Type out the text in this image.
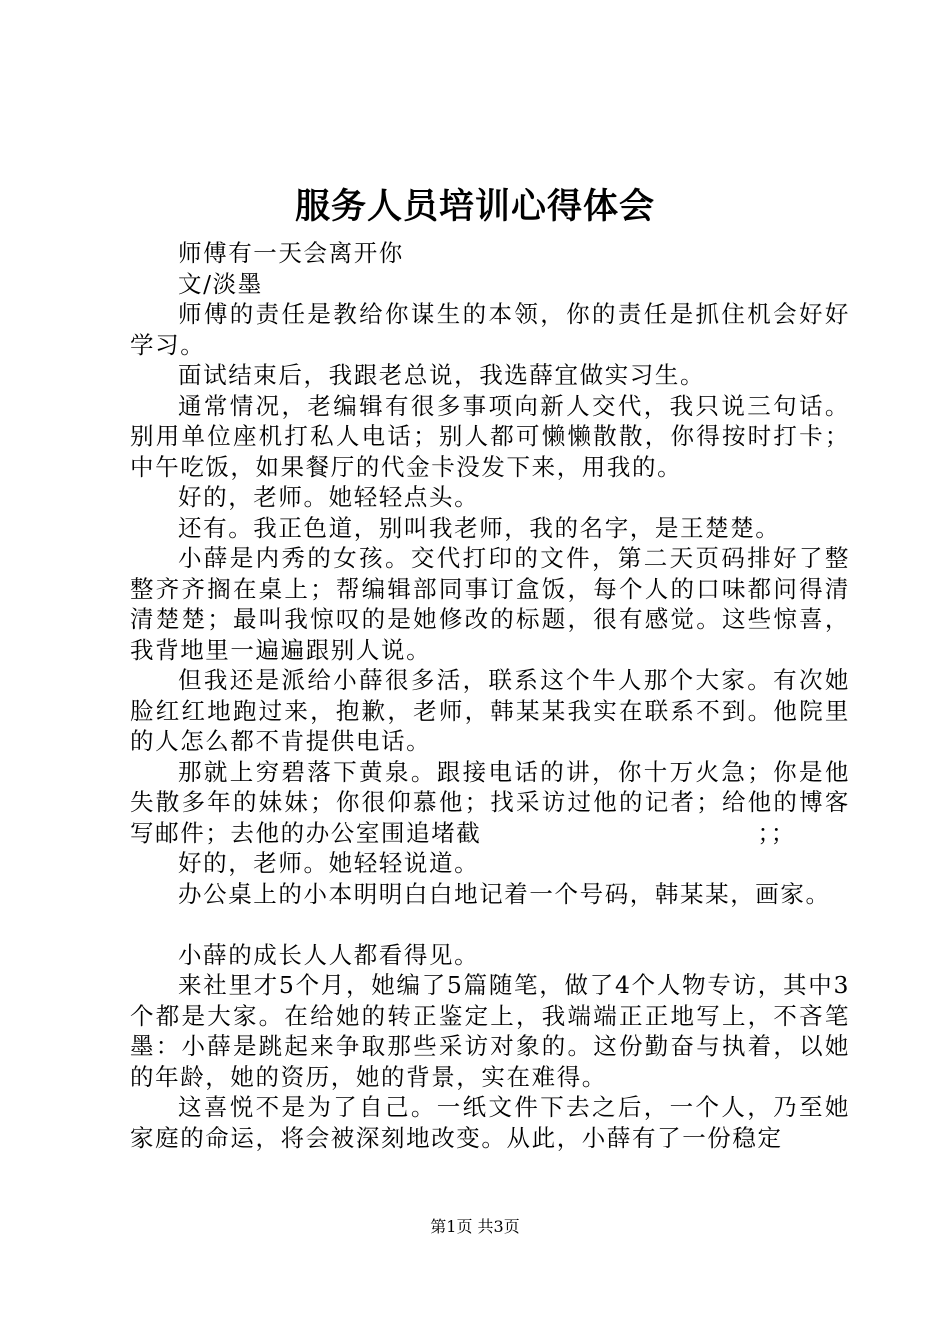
服务人员培训心得体会

师傅有一天会离开你

文/淡墨

师傅的责任是教给你谋生的本领，你的责任是抓住机会好好学习。

面试结束后，我跟老总说，我选薛宜做实习生。

通常情况，老编辑有很多事项向新人交代，我只说三句话。别用单位座机打私人电话；别人都可懒懒散散，你得按时打卡；中午吃饭，如果餐厅的代金卡没发下来，用我的。

好的，老师。她轻轻点头。

还有。我正色道，别叫我老师，我的名字，是王楚楚。

小薛是内秀的女孩。交代打印的文件，第二天页码排好了整整齐齐搁在桌上；帮编辑部同事订盒饭，每个人的口味都问得清清楚楚；最叫我惊叹的是她修改的标题，很有感觉。这些惊喜，我背地里一遍遍跟别人说。

但我还是派给小薛很多活，联系这个牛人那个大家。有次她脸红红地跑过来，抱歉，老师，韩某某我实在联系不到。他院里的人怎么都不肯提供电话。

那就上穷碧落下黄泉。跟接电话的讲，你十万火急；你是他失散多年的妹妹；你很仰慕他；找采访过他的记者；给他的博客写邮件；去他的办公室围追堵截　　　　　　　　　　　；；

好的，老师。她轻轻说道。

办公桌上的小本明明白白地记着一个号码，韩某某，画家。

小薛的成长人人都看得见。

来社里才5个月，她编了5篇随笔，做了4个人物专访，其中3个都是大家。在给她的转正鉴定上，我端端正正地写上，不吝笔墨：小薛是跳起来争取那些采访对象的。这份勤奋与执着，以她的年龄，她的资历，她的背景，实在难得。

这喜悦不是为了自己。一纸文件下去之后，一个人，乃至她家庭的命运，将会被深刻地改变。从此，小薛有了一份稳定

第1页 共3页
